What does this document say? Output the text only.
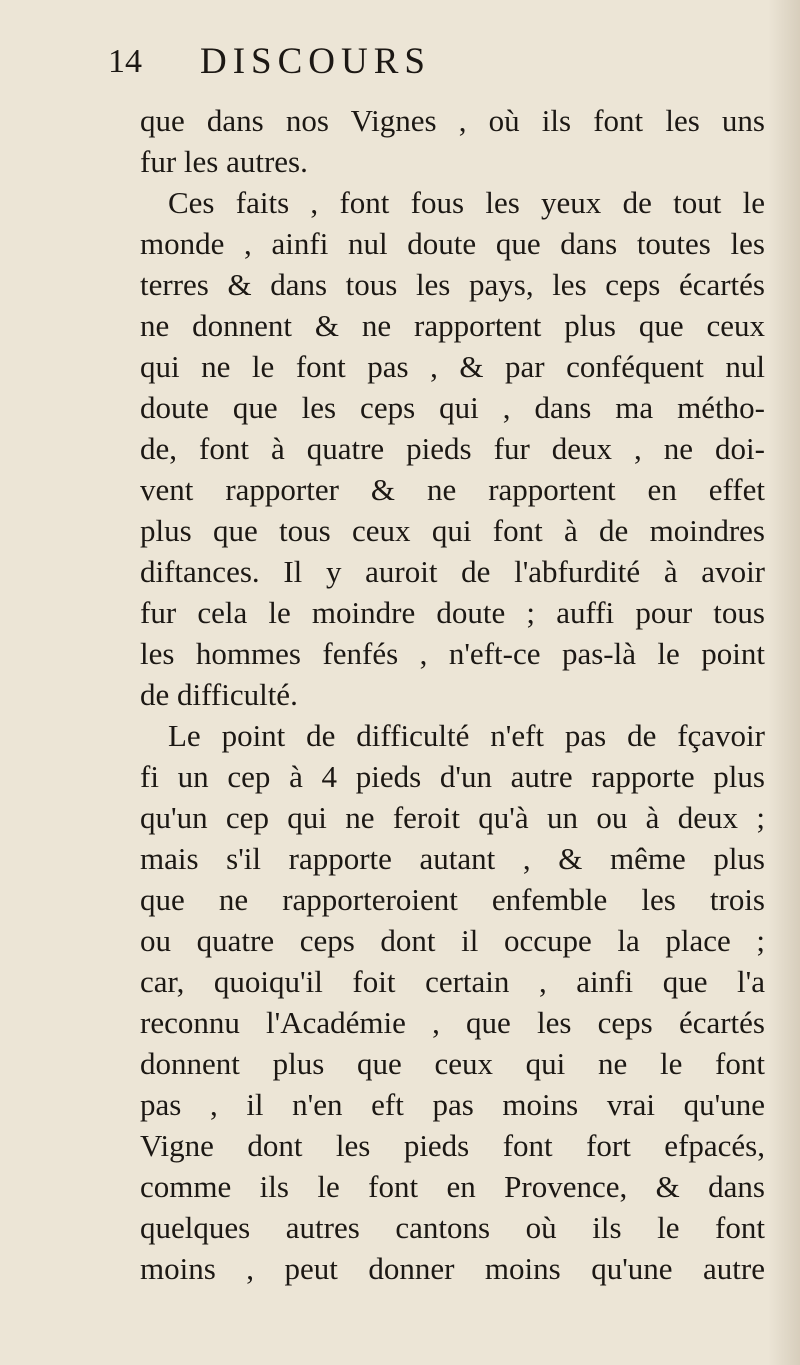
14 DISCOURS
que dans nos Vignes , où ils font les uns
fur les autres.
Ces faits , font fous les yeux de tout le
monde , ainfi nul doute que dans toutes les
terres & dans tous les pays, les ceps écartés
ne donnent & ne rapportent plus que ceux
qui ne le font pas , & par conféquent nul
doute que les ceps qui , dans ma métho-
de, font à quatre pieds fur deux , ne doi-
vent rapporter & ne rapportent en effet
plus que tous ceux qui font à de moindres
diftances. Il y auroit de l'abfurdité à avoir
fur cela le moindre doute ; auffi pour tous
les hommes fenfés , n'eft-ce pas-là le point
de difficulté.
Le point de difficulté n'eft pas de fçavoir
fi un cep à 4 pieds d'un autre rapporte plus
qu'un cep qui ne feroit qu'à un ou à deux ;
mais s'il rapporte autant , & même plus
que ne rapporteroient enfemble les trois
ou quatre ceps dont il occupe la place ;
car, quoiqu'il foit certain , ainfi que l'a
reconnu l'Académie , que les ceps écartés
donnent plus que ceux qui ne le font
pas , il n'en eft pas moins vrai qu'une
Vigne dont les pieds font fort efpacés,
comme ils le font en Provence, & dans
quelques autres cantons où ils le font
moins , peut donner moins qu'une autre
